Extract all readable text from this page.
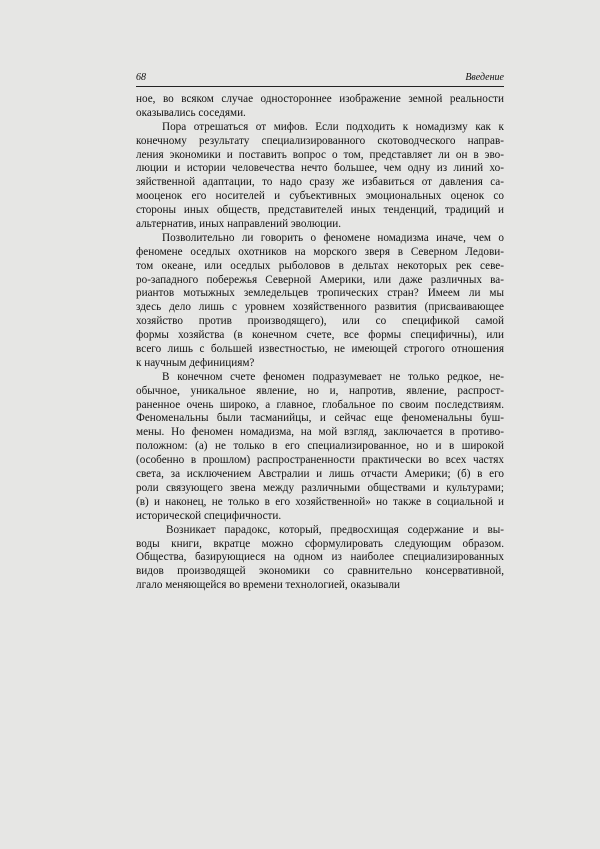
68	Введение
ное, во всяком случае одностороннее изображение земной реальности
оказывались соседями.
Пора отрешаться от мифов. Если подходить к номадизму как к
конечному результату специализированного скотоводческого направ-
ления экономики и поставить вопрос о том, представляет ли он в эво-
люции и истории человечества нечто большее, чем одну из линий хо-
зяйственной адаптации, то надо сразу же избавиться от давления са-
мооценок его носителей и субъективных эмоциональных оценок со
стороны иных обществ, представителей иных тенденций, традиций и
альтернатив, иных направлений эволюции.
Позволительно ли говорить о феномене номадизма иначе, чем о
феномене оседлых охотников на морского зверя в Северном Ледови-
том океане, или оседлых рыболовов в дельтах некоторых рек севе-
ро-западного побережья Северной Америки, или даже различных ва-
риантов мотыжных земледельцев тропических стран? Имеем ли мы
здесь дело лишь с уровнем хозяйственного развития (присваивающее
хозяйство против производящего), или со спецификой самой
формы хозяйства (в конечном счете, все формы специфичны), или
всего лишь с большей известностью, не имеющей строгого отношения
к научным дефинициям?
В конечном счете феномен подразумевает не только редкое, не-
обычное, уникальное явление, но и, напротив, явление, распрост-
раненное очень широко, а главное, глобальное по своим последствиям.
Феноменальны были тасманийцы, и сейчас еще феноменальны буш-
мены. Но феномен номадизма, на мой взгляд, заключается в противо-
положном: (а) не только в его специализированное, но и в широкой
(особенно в прошлом) распространенности практически во всех частях
света, за исключением Австралии и лишь отчасти Америки; (б) в его
роли связующего звена между различными обществами и культурами;
(в) и наконец, не только в его хозяйственной» но также в социальной и
исторической специфичности.
Возникает парадокс, который, предвосхищая содержание и вы-
воды книги, вкратце можно сформулировать следующим образом.
Общества, базирующиеся на одном из наиболее специализированных
видов производящей экономики со сравнительно консервативной,
лгало меняющейся во времени технологией, оказывали
